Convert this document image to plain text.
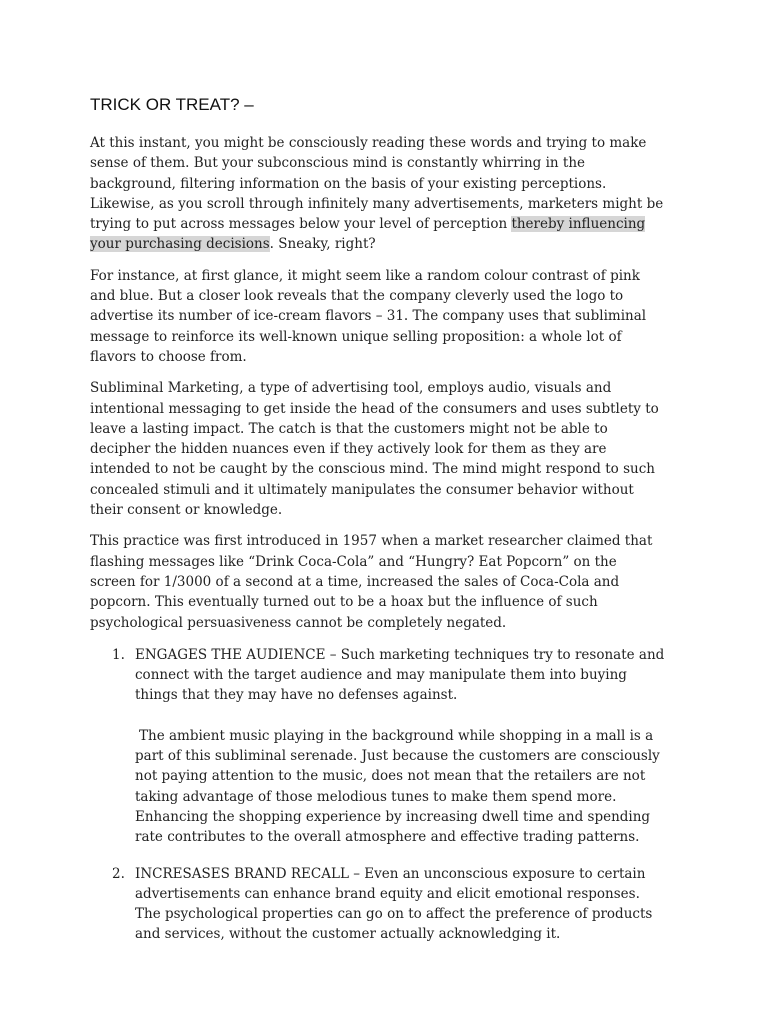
TRICK OR TREAT? –

At this instant, you might be consciously reading these words and trying to make sense of them. But your subconscious mind is constantly whirring in the background, filtering information on the basis of your existing perceptions. Likewise, as you scroll through infinitely many advertisements, marketers might be trying to put across messages below your level of perception thereby influencing your purchasing decisions. Sneaky, right?

For instance, at first glance, it might seem like a random colour contrast of pink and blue. But a closer look reveals that the company cleverly used the logo to advertise its number of ice-cream flavors – 31. The company uses that subliminal message to reinforce its well-known unique selling proposition: a whole lot of flavors to choose from.

Subliminal Marketing, a type of advertising tool, employs audio, visuals and intentional messaging to get inside the head of the consumers and uses subtlety to leave a lasting impact. The catch is that the customers might not be able to decipher the hidden nuances even if they actively look for them as they are intended to not be caught by the conscious mind. The mind might respond to such concealed stimuli and it ultimately manipulates the consumer behavior without their consent or knowledge.

This practice was first introduced in 1957 when a market researcher claimed that flashing messages like “Drink Coca-Cola” and “Hungry? Eat Popcorn” on the screen for 1/3000 of a second at a time, increased the sales of Coca-Cola and popcorn. This eventually turned out to be a hoax but the influence of such psychological persuasiveness cannot be completely negated.

1. ENGAGES THE AUDIENCE – Such marketing techniques try to resonate and connect with the target audience and may manipulate them into buying things that they may have no defenses against.

The ambient music playing in the background while shopping in a mall is a part of this subliminal serenade. Just because the customers are consciously not paying attention to the music, does not mean that the retailers are not taking advantage of those melodious tunes to make them spend more. Enhancing the shopping experience by increasing dwell time and spending rate contributes to the overall atmosphere and effective trading patterns.

2. INCRESASES BRAND RECALL – Even an unconscious exposure to certain advertisements can enhance brand equity and elicit emotional responses. The psychological properties can go on to affect the preference of products and services, without the customer actually acknowledging it.
